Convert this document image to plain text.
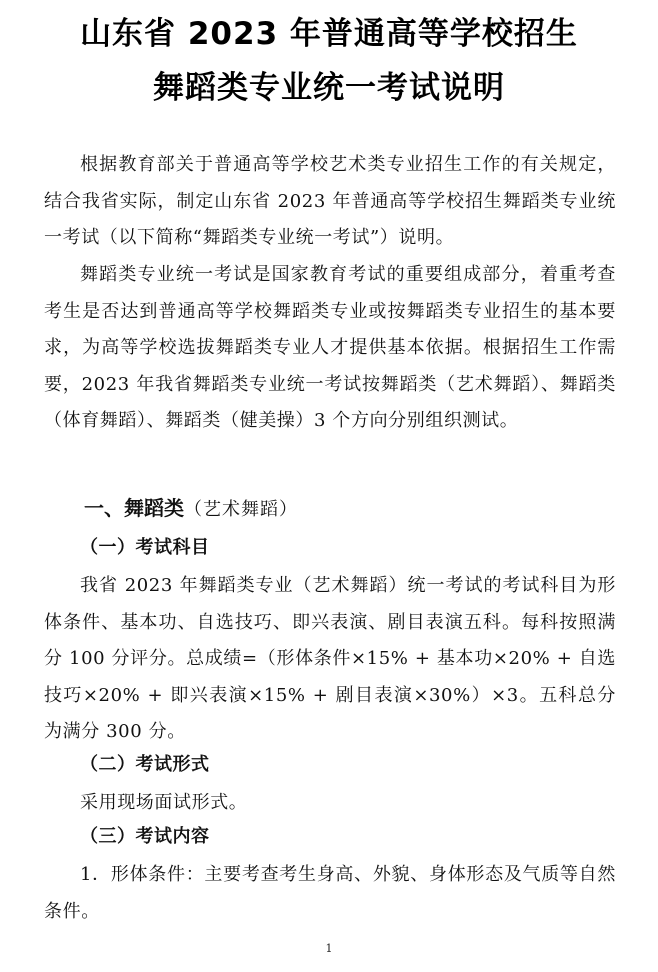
山东省 2023 年普通高等学校招生
舞蹈类专业统一考试说明
根据教育部关于普通高等学校艺术类专业招生工作的有关规定，结合我省实际，制定山东省 2023 年普通高等学校招生舞蹈类专业统一考试（以下简称“舞蹈类专业统一考试”）说明。
舞蹈类专业统一考试是国家教育考试的重要组成部分，着重考查考生是否达到普通高等学校舞蹈类专业或按舞蹈类专业招生的基本要求，为高等学校选拔舞蹈类专业人才提供基本依据。根据招生工作需要，2023 年我省舞蹈类专业统一考试按舞蹈类（艺术舞蹈）、舞蹈类（体育舞蹈）、舞蹈类（健美操）3 个方向分别组织测试。
一、舞蹈类（艺术舞蹈）
（一）考试科目
我省 2023 年舞蹈类专业（艺术舞蹈）统一考试的考试科目为形体条件、基本功、自选技巧、即兴表演、剧目表演五科。每科按照满分 100 分评分。总成绩=（形体条件×15% + 基本功×20% + 自选技巧×20% + 即兴表演×15% + 剧目表演×30%）×3。五科总分为满分 300 分。
（二）考试形式
采用现场面试形式。
（三）考试内容
1．形体条件：主要考查考生身高、外貌、身体形态及气质等自然条件。
1
